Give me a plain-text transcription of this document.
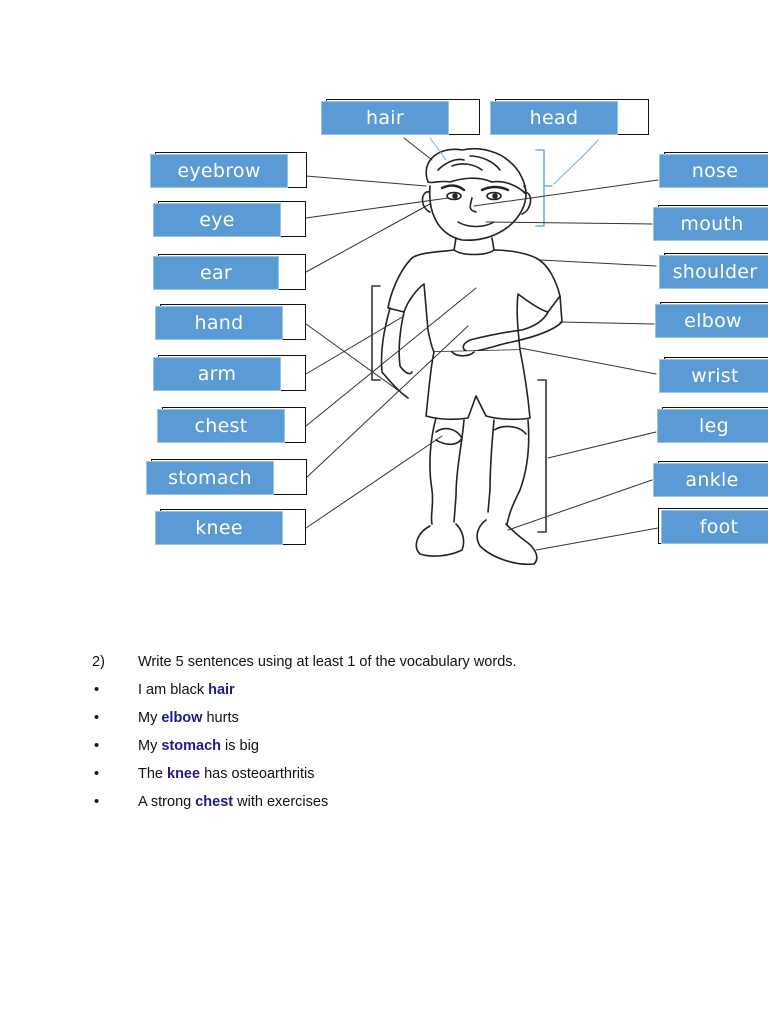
eyebrow
eye
ear
hand
arm
chest
stomach
knee
hair	head
nose
mouth
shoulder
elbow
wrist
leg
ankle
foot
2) Write 5 sentences using at least 1 of the vocabulary words.
•	I am black hair
•	My elbow hurts
•	My stomach is big
•	The knee has osteoarthritis
•	A strong chest with exercises
